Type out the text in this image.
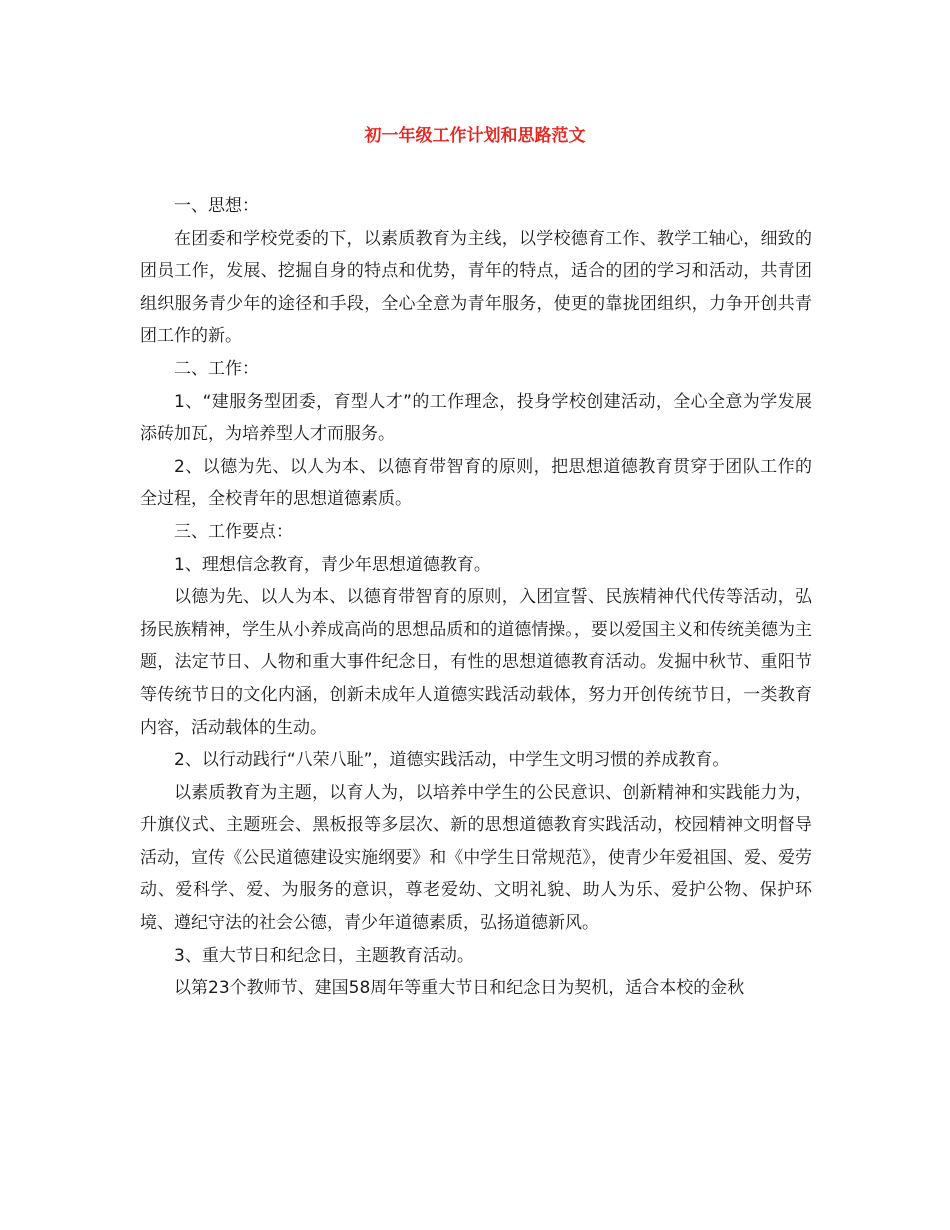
初一年级工作计划和思路范文

一、思想：

在团委和学校党委的下，以素质教育为主线，以学校德育工作、教学工轴心，细致的团员工作，发展、挖掘自身的特点和优势，青年的特点，适合的团的学习和活动，共青团组织服务青少年的途径和手段，全心全意为青年服务，使更的靠拢团组织，力争开创共青团工作的新。

二、工作：

1、“建服务型团委，育型人才”的工作理念，投身学校创建活动，全心全意为学发展添砖加瓦，为培养型人才而服务。

2、以德为先、以人为本、以德育带智育的原则，把思想道德教育贯穿于团队工作的全过程，全校青年的思想道德素质。

三、工作要点：

1、理想信念教育，青少年思想道德教育。

以德为先、以人为本、以德育带智育的原则，入团宣誓、民族精神代代传等活动，弘扬民族精神，学生从小养成高尚的思想品质和的道德情操。，要以爱国主义和传统美德为主题，法定节日、人物和重大事件纪念日，有性的思想道德教育活动。发掘中秋节、重阳节等传统节日的文化内涵，创新未成年人道德实践活动载体，努力开创传统节日，一类教育内容，活动载体的生动。

2、以行动践行“八荣八耻”，道德实践活动，中学生文明习惯的养成教育。

以素质教育为主题，以育人为，以培养中学生的公民意识、创新精神和实践能力为，升旗仪式、主题班会、黑板报等多层次、新的思想道德教育实践活动，校园精神文明督导活动，宣传《公民道德建设实施纲要》和《中学生日常规范》，使青少年爱祖国、爱、爱劳动、爱科学、爱、为服务的意识，尊老爱幼、文明礼貌、助人为乐、爱护公物、保护环境、遵纪守法的社会公德，青少年道德素质，弘扬道德新风。

3、重大节日和纪念日，主题教育活动。

以第23个教师节、建国58周年等重大节日和纪念日为契机，适合本校的金秋
